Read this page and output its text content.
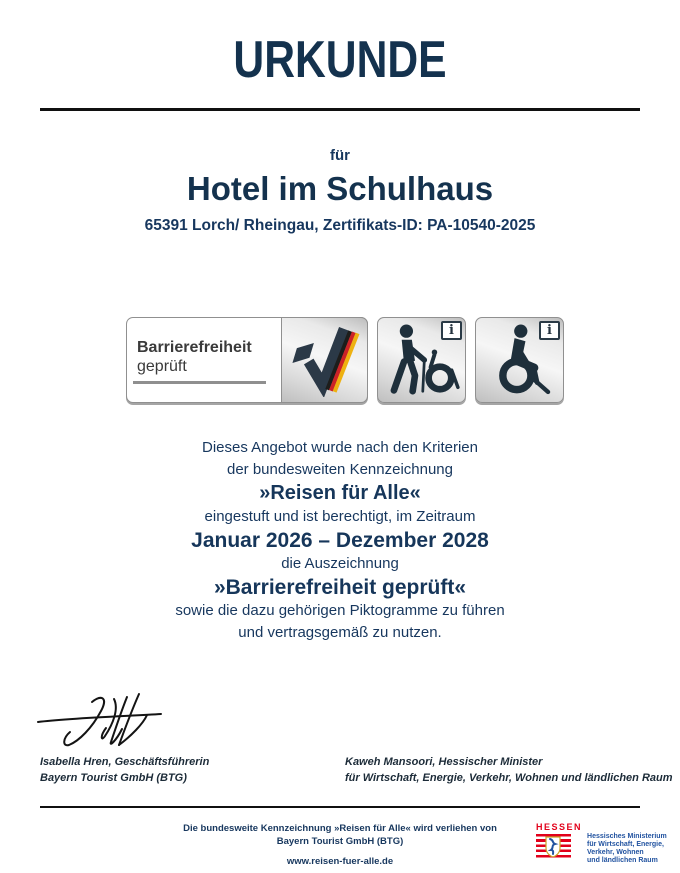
URKUNDE
für
Hotel im Schulhaus
65391 Lorch/ Rheingau, Zertifikats-ID: PA-10540-2025
Barrierefreiheit
geprüft
i	i

Dieses Angebot wurde nach den Kriterien

der bundesweiten Kennzeichnung

»Reisen für Alle«

eingestuft und ist berechtigt, im Zeitraum

Januar 2026 – Dezember 2028

die Auszeichnung

»Barrierefreiheit geprüft«

sowie die dazu gehörigen Piktogramme zu führen

und vertragsgemäß zu nutzen.

Isabella Hren, Geschäftsführerin
Bayern Tourist GmbH (BTG)
Kaweh Mansoori, Hessischer Minister
für Wirtschaft, Energie, Verkehr, Wohnen und ländlichen Raum
Die bundesweite Kennzeichnung »Reisen für Alle« wird verliehen von
Bayern Tourist GmbH (BTG)
www.reisen-fuer-alle.de
HESSEN
Hessisches Ministerium
für Wirtschaft, Energie,
Verkehr, Wohnen
und ländlichen Raum
